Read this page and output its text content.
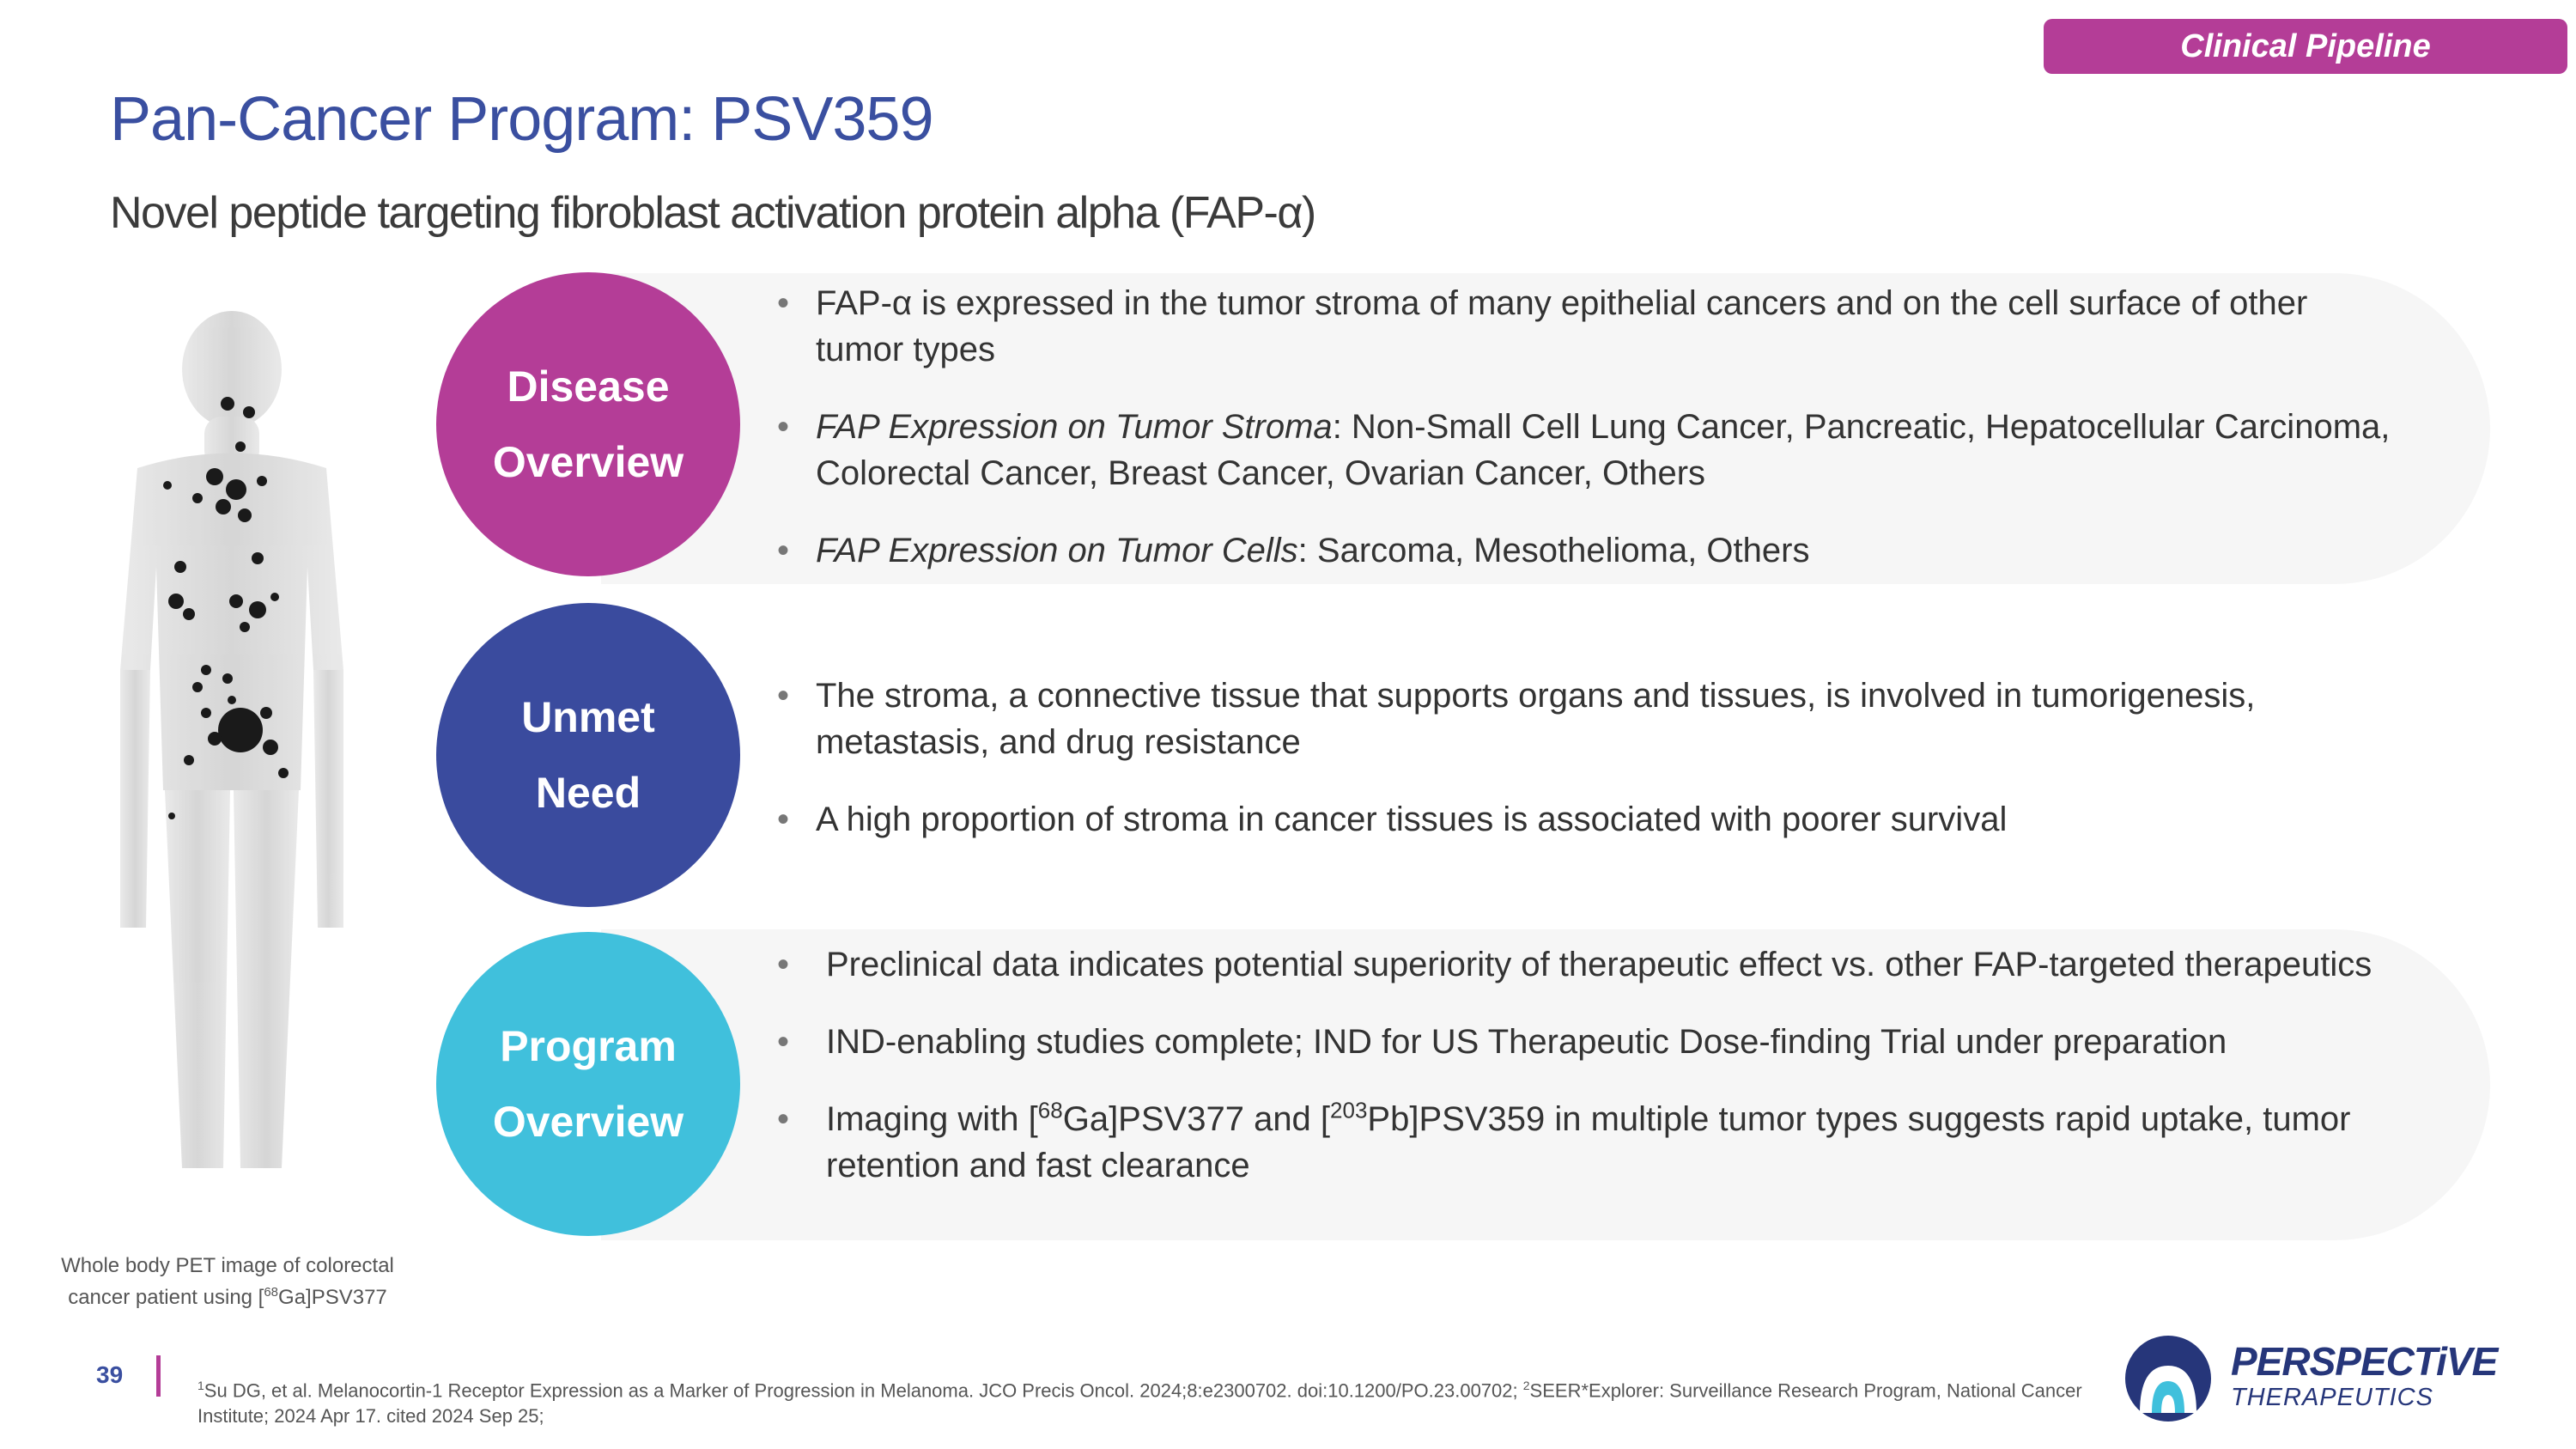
Clinical Pipeline
Pan-Cancer Program: PSV359
Novel peptide targeting fibroblast activation protein alpha (FAP-α)
Whole body PET image of colorectal
cancer patient using [$^{68}$Ga]PSV377
Disease
Overview
• FAP-α is expressed in the tumor stroma of many epithelial cancers and on the cell surface of other tumor types
• FAP Expression on Tumor Stroma: Non-Small Cell Lung Cancer, Pancreatic, Hepatocellular Carcinoma, Colorectal Cancer, Breast Cancer, Ovarian Cancer, Others
• FAP Expression on Tumor Cells: Sarcoma, Mesothelioma, Others
Unmet
Need
• The stroma, a connective tissue that supports organs and tissues, is involved in tumorigenesis, metastasis, and drug resistance
• A high proportion of stroma in cancer tissues is associated with poorer survival
Program
Overview
• Preclinical data indicates potential superiority of therapeutic effect vs. other FAP-targeted therapeutics
• IND-enabling studies complete; IND for US Therapeutic Dose-finding Trial under preparation
• Imaging with [$^{68}$Ga]PSV377 and [$^{203}$Pb]PSV359 in multiple tumor types suggests rapid uptake, tumor retention and fast clearance
39	$^1$Su DG, et al. Melanocortin-1 Receptor Expression as a Marker of Progression in Melanoma. JCO Precis Oncol. 2024;8:e2300702. doi:10.1200/PO.23.00702; $^2$SEER*Explorer: Surveillance Research Program, National Cancer Institute; 2024 Apr 17. cited 2024 Sep 25;
PERSPECTiVE
THERAPEUTICS
